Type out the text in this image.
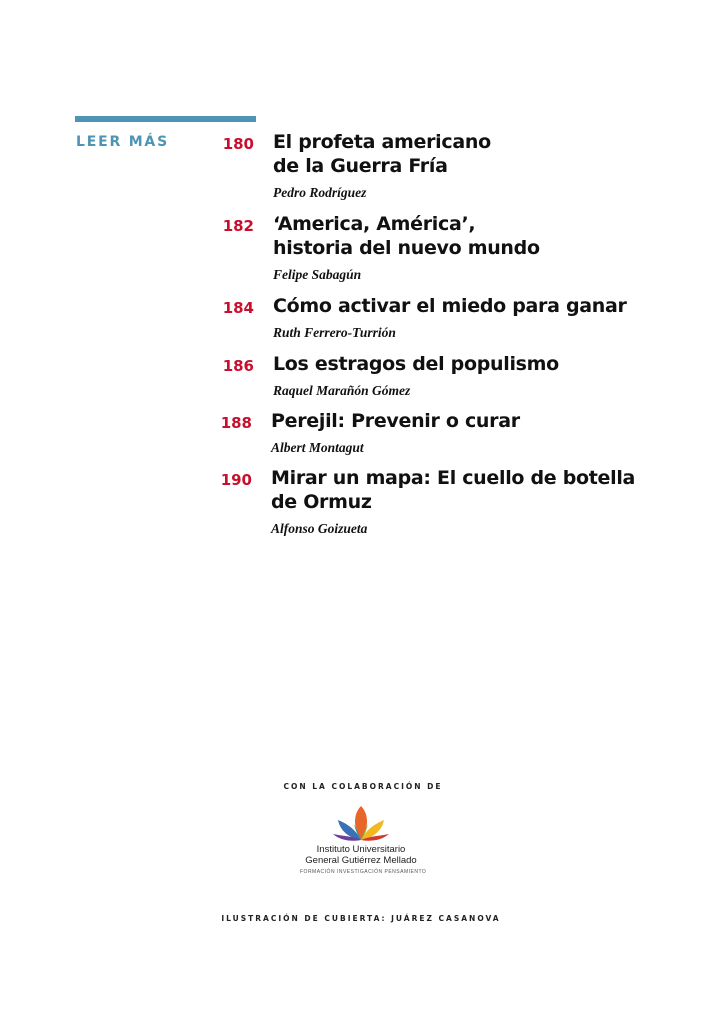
LEER MÁS	180 El profeta americano
de la Guerra Fría
Pedro Rodríguez
182 ‘America, América’,
historia del nuevo mundo
Felipe Sabagún
184 Cómo activar el miedo para ganar
Ruth Ferrero-Turrión
186 Los estragos del populismo
Raquel Marañón Gómez
188 Perejil: Prevenir o curar
Albert Montagut
190 Mirar un mapa: El cuello de botella
de Ormuz
Alfonso Goizueta
CON LA COLABORACIÓN DE
Instituto Universitario
General Gutiérrez Mellado
FORMACIÓN INVESTIGACIÓN PENSAMIENTO
ILUSTRACIÓN DE CUBIERTA: JUÁREZ CASANOVA
